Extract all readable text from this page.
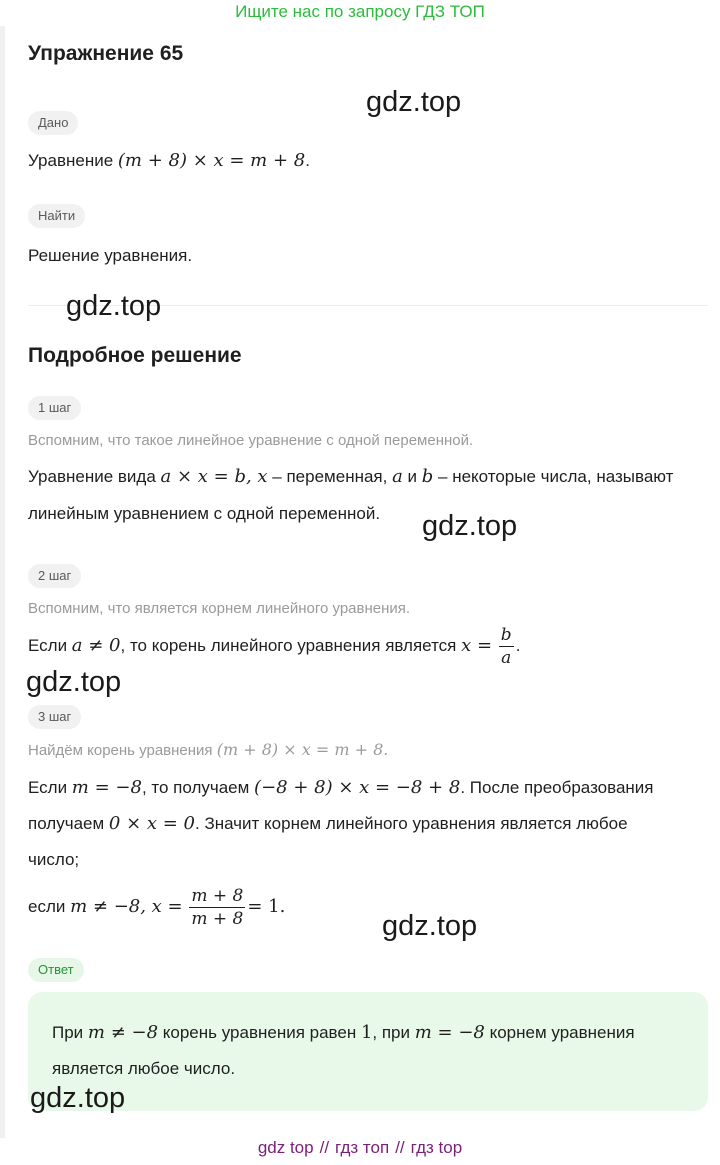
Ищите нас по запросу ГДЗ ТОП
Упражнение 65
Дано
Уравнение (m + 8) × x = m + 8.
Найти
Решение уравнения.
Подробное решение
1 шаг
Вспомним, что такое линейное уравнение с одной переменной.
Уравнение вида a × x = b, x – переменная, a и b – некоторые числа, называют
линейным уравнением с одной переменной.
2 шаг
Вспомним, что является корнем линейного уравнения.
Если a ≠ 0, то корень линейного уравнения является $x = \frac{b}{a}$ .
3 шаг
Найдём корень уравнения (m + 8) × x = m + 8.
Если m = −8, то получаем (−8 + 8) × x = −8 + 8. После преобразования
получаем 0 × x = 0. Значит корнем линейного уравнения является любое
число;
если m ≠ −8, $x = \frac{m + 8}{m + 8} = 1$.
Ответ
При m ≠ −8 корень уравнения равен 1, при m = −8 корнем уравнения
является любое число.
gdz.top
gdz.top
gdz.top
gdz.top
gdz.top
gdz.top
gdz top // гдз топ // гдз top
